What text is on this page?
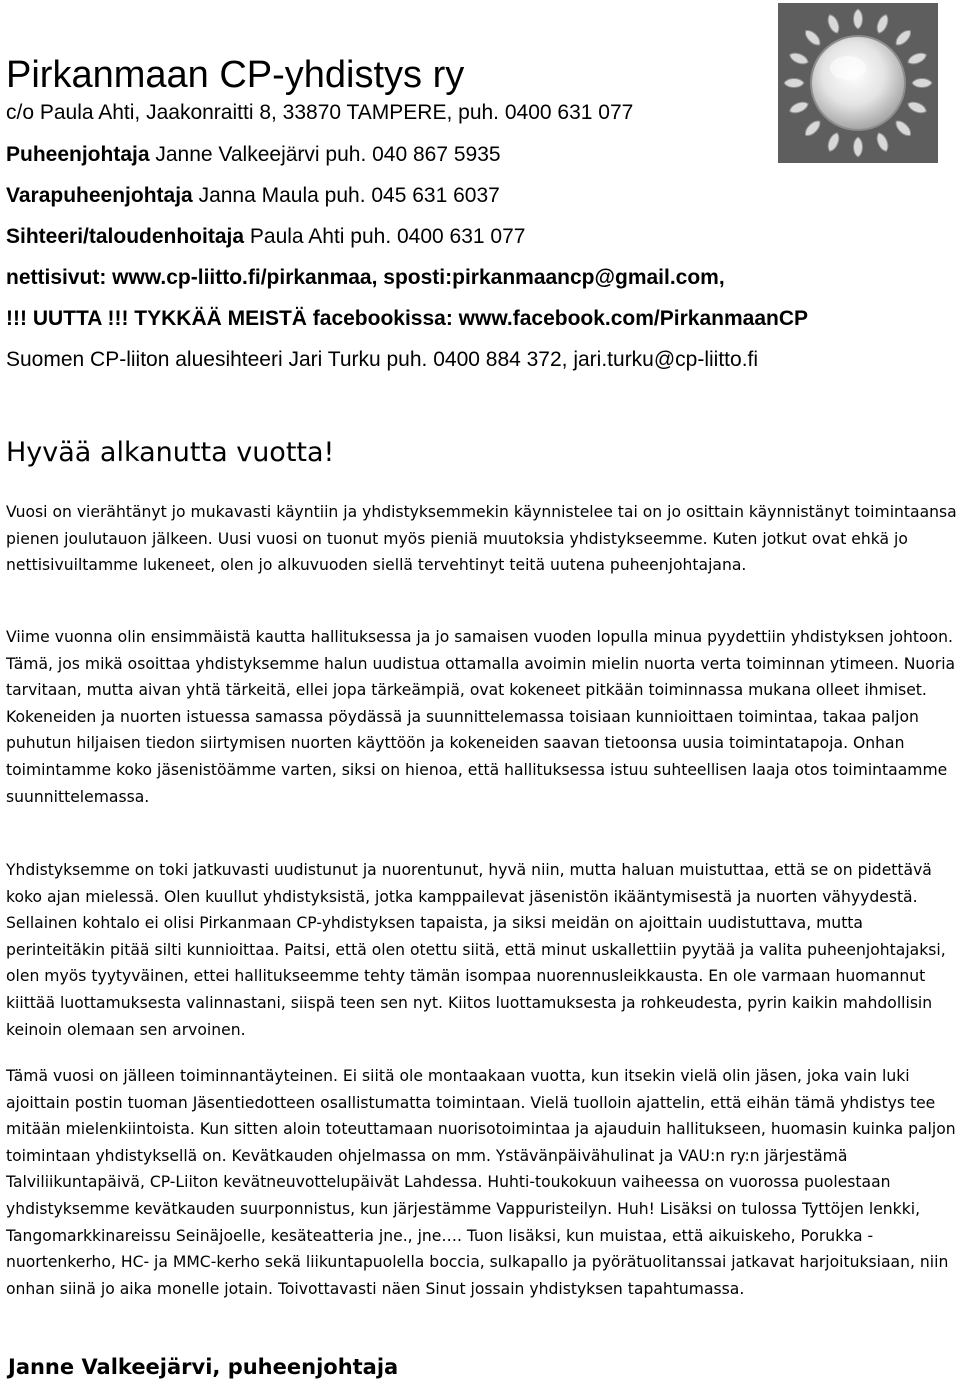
Pirkanmaan CP-yhdistys ry
c/o Paula Ahti, Jaakonraitti 8, 33870 TAMPERE, puh. 0400 631 077
Puheenjohtaja Janne Valkeejärvi puh. 040 867 5935
Varapuheenjohtaja Janna Maula puh. 045 631 6037
Sihteeri/taloudenhoitaja Paula Ahti puh. 0400 631 077
nettisivut: www.cp-liitto.fi/pirkanmaa, sposti:pirkanmaancp@gmail.com,
!!! UUTTA !!! TYKKÄÄ MEISTÄ facebookissa: www.facebook.com/PirkanmaanCP
Suomen CP-liiton aluesihteeri Jari Turku puh. 0400 884 372, jari.turku@cp-liitto.fi
Hyvää alkanutta vuotta!
Vuosi on vierähtänyt jo mukavasti käyntiin ja yhdistyksemmekin käynnistelee tai on jo osittain käynnistänyt toimintaansa pienen joulutauon jälkeen. Uusi vuosi on tuonut myös pieniä muutoksia yhdistykseemme. Kuten jotkut ovat ehkä jo nettisivuiltamme lukeneet, olen jo alkuvuoden siellä tervehtinyt teitä uutena puheenjohtajana.
Viime vuonna olin ensimmäistä kautta hallituksessa ja jo samaisen vuoden lopulla minua pyydettiin yhdistyksen johtoon. Tämä, jos mikä osoittaa yhdistyksemme halun uudistua ottamalla avoimin mielin nuorta verta toiminnan ytimeen. Nuoria tarvitaan, mutta aivan yhtä tärkeitä, ellei jopa tärkeämpiä, ovat kokeneet pitkään toiminnassa mukana olleet ihmiset. Kokeneiden ja nuorten istuessa samassa pöydässä ja suunnittelemassa toisiaan kunnioittaen toimintaa, takaa paljon puhutun hiljaisen tiedon siirtymisen nuorten käyttöön ja kokeneiden saavan tietoonsa uusia toimintatapoja. Onhan toimintamme koko jäsenistöämme varten, siksi on hienoa, että hallituksessa istuu suhteellisen laaja otos toimintaamme suunnittelemassa.
Yhdistyksemme on toki jatkuvasti uudistunut ja nuorentunut, hyvä niin, mutta haluan muistuttaa, että se on pidettävä koko ajan mielessä. Olen kuullut yhdistyksistä, jotka kamppailevat jäsenistön ikääntymisestä ja nuorten vähyydestä. Sellainen kohtalo ei olisi Pirkanmaan CP-yhdistyksen tapaista, ja siksi meidän on ajoittain uudistuttava, mutta perinteitäkin pitää silti kunnioittaa. Paitsi, että olen otettu siitä, että minut uskallettiin pyytää ja valita puheenjohtajaksi, olen myös tyytyväinen, ettei hallitukseemme tehty tämän isompaa nuorennusleikkausta. En ole varmaan huomannut kiittää luottamuksesta valinnastani, siispä teen sen nyt. Kiitos luottamuksesta ja rohkeudesta, pyrin kaikin mahdollisin keinoin olemaan sen arvoinen.
Tämä vuosi on jälleen toiminnantäyteinen. Ei siitä ole montaakaan vuotta, kun itsekin vielä olin jäsen, joka vain luki ajoittain postin tuoman Jäsentiedotteen osallistumatta toimintaan. Vielä tuolloin ajattelin, että eihän tämä yhdistys tee mitään mielenkiintoista. Kun sitten aloin toteuttamaan nuorisotoimintaa ja ajauduin hallitukseen, huomasin kuinka paljon toimintaan yhdistyksellä on. Kevätkauden ohjelmassa on mm. Ystävänpäivähulinat ja VAU:n ry:n järjestämä Talviliikuntapäivä, CP-Liiton kevätneuvottelupäivät Lahdessa. Huhti-toukokuun vaiheessa on vuorossa puolestaan yhdistyksemme kevätkauden suurponnistus, kun järjestämme Vappuristeilyn. Huh! Lisäksi on tulossa Tyttöjen lenkki, Tangomarkkinareissu Seinäjoelle, kesäteatteria jne., jne…. Tuon lisäksi, kun muistaa, että aikuiskeho, Porukka -nuortenkerho, HC- ja MMC-kerho sekä liikuntapuolella boccia, sulkapallo ja pyörätuolitanssai jatkavat harjoituksiaan, niin onhan siinä jo aika monelle jotain. Toivottavasti näen Sinut jossain yhdistyksen tapahtumassa.
Janne Valkeejärvi, puheenjohtaja
